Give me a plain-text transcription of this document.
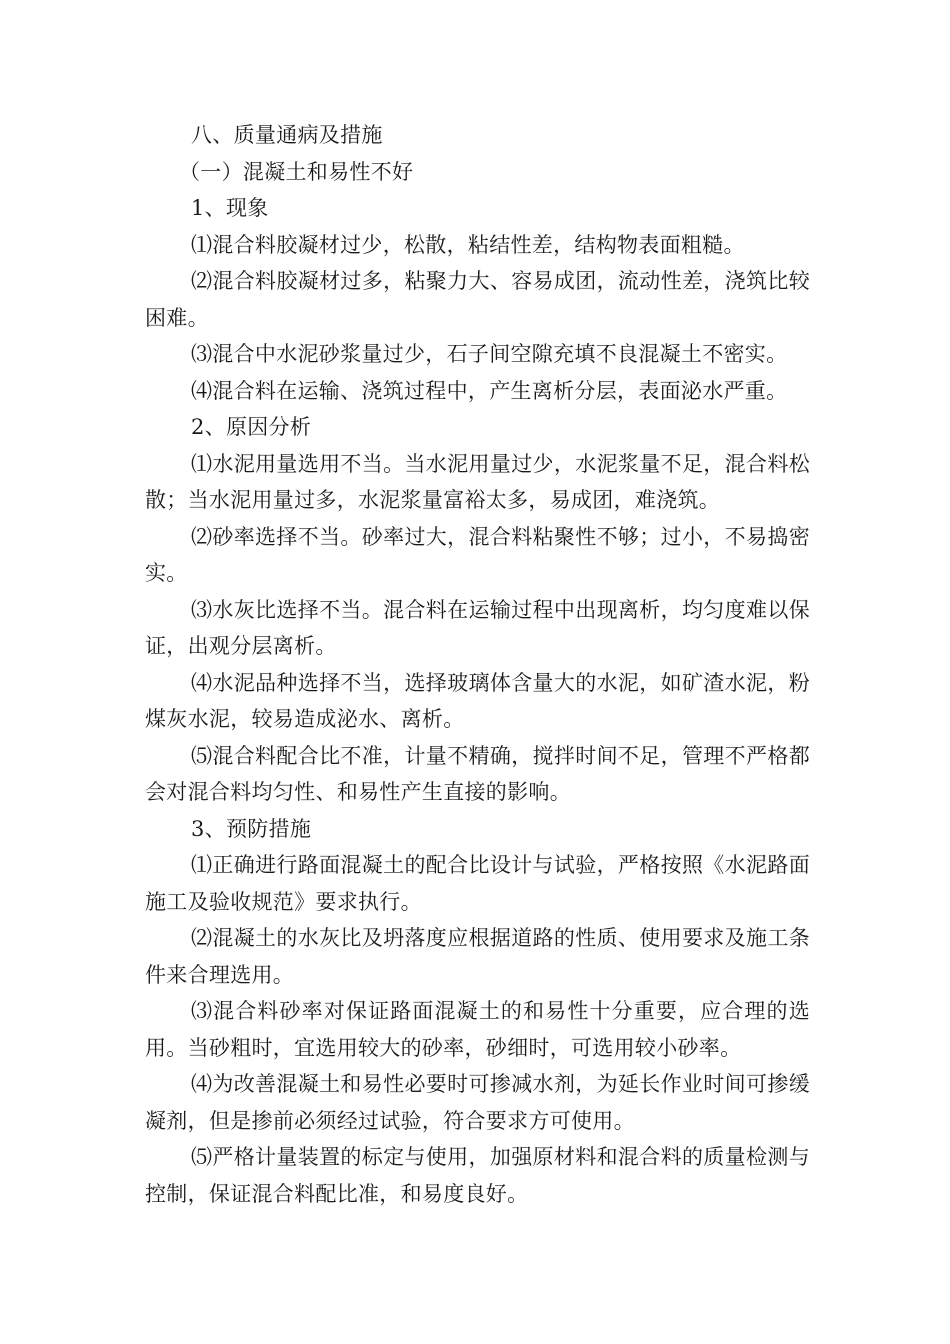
八、质量通病及措施

（一）混凝土和易性不好

1、现象

⑴混合料胶凝材过少，松散，粘结性差，结构物表面粗糙。

⑵混合料胶凝材过多，粘聚力大、容易成团，流动性差，浇筑比较困难。

⑶混合中水泥砂浆量过少，石子间空隙充填不良混凝土不密实。

⑷混合料在运输、浇筑过程中，产生离析分层，表面泌水严重。

2、原因分析

⑴水泥用量选用不当。当水泥用量过少，水泥浆量不足，混合料松散；当水泥用量过多，水泥浆量富裕太多，易成团，难浇筑。

⑵砂率选择不当。砂率过大，混合料粘聚性不够；过小，不易捣密实。

⑶水灰比选择不当。混合料在运输过程中出现离析，均匀度难以保证，出观分层离析。

⑷水泥品种选择不当，选择玻璃体含量大的水泥，如矿渣水泥，粉煤灰水泥，较易造成泌水、离析。

⑸混合料配合比不准，计量不精确，搅拌时间不足，管理不严格都会对混合料均匀性、和易性产生直接的影响。

3、预防措施

⑴正确进行路面混凝土的配合比设计与试验，严格按照《水泥路面施工及验收规范》要求执行。

⑵混凝土的水灰比及坍落度应根据道路的性质、使用要求及施工条件来合理选用。

⑶混合料砂率对保证路面混凝土的和易性十分重要，应合理的选用。当砂粗时，宜选用较大的砂率，砂细时，可选用较小砂率。

⑷为改善混凝土和易性必要时可掺减水剂，为延长作业时间可掺缓凝剂，但是掺前必须经过试验，符合要求方可使用。

⑸严格计量装置的标定与使用，加强原材料和混合料的质量检测与控制，保证混合料配比准，和易度良好。
